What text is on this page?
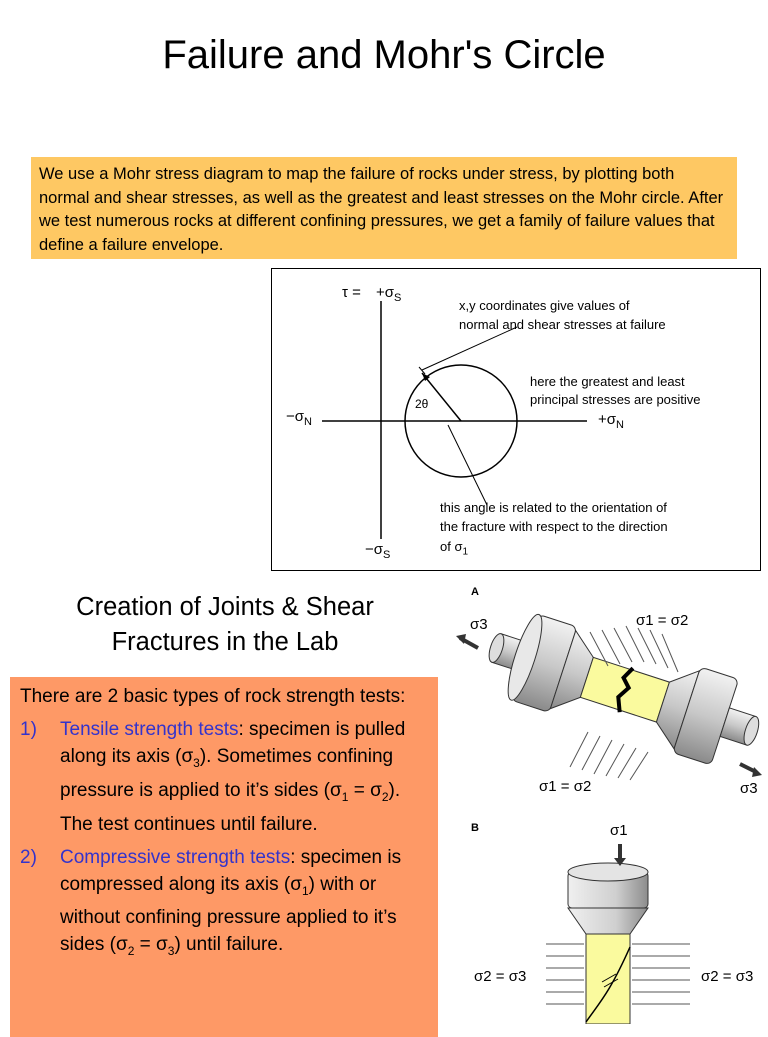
Failure and Mohr's Circle
We use a Mohr stress diagram to map the failure of rocks under stress, by plotting both normal and shear stresses, as well as the greatest and least stresses on the Mohr circle. After we test numerous rocks at different confining pressures, we get a family of failure values that define a failure envelope.
$\tau = +\sigma_S$
$-\sigma_S$
$-\sigma_N$	$+\sigma_N$
2θ
x,y coordinates give values of
normal and shear stresses at failure
here the greatest and least
principal stresses are positive
this angle is related to the orientation of
the fracture with respect to the direction
of $\sigma_1$
Creation of Joints & Shear
Fractures in the Lab

There are 2 basic types of rock strength tests:

1)	Tensile strength tests: specimen is pulled along its axis $(\sigma_3)$. Sometimes confining pressure is applied to it’s sides $(\sigma_1 = \sigma_2)$. The test continues until failure.
2)	Compressive strength tests: specimen is compressed along its axis $(\sigma_1)$ with or without confining pressure applied to it’s sides $(\sigma_2 = \sigma_3)$ until failure.
A
B
σ3	σ1 = σ2
σ1 = σ2	σ3
σ1
σ2 = σ3	σ2 = σ3
